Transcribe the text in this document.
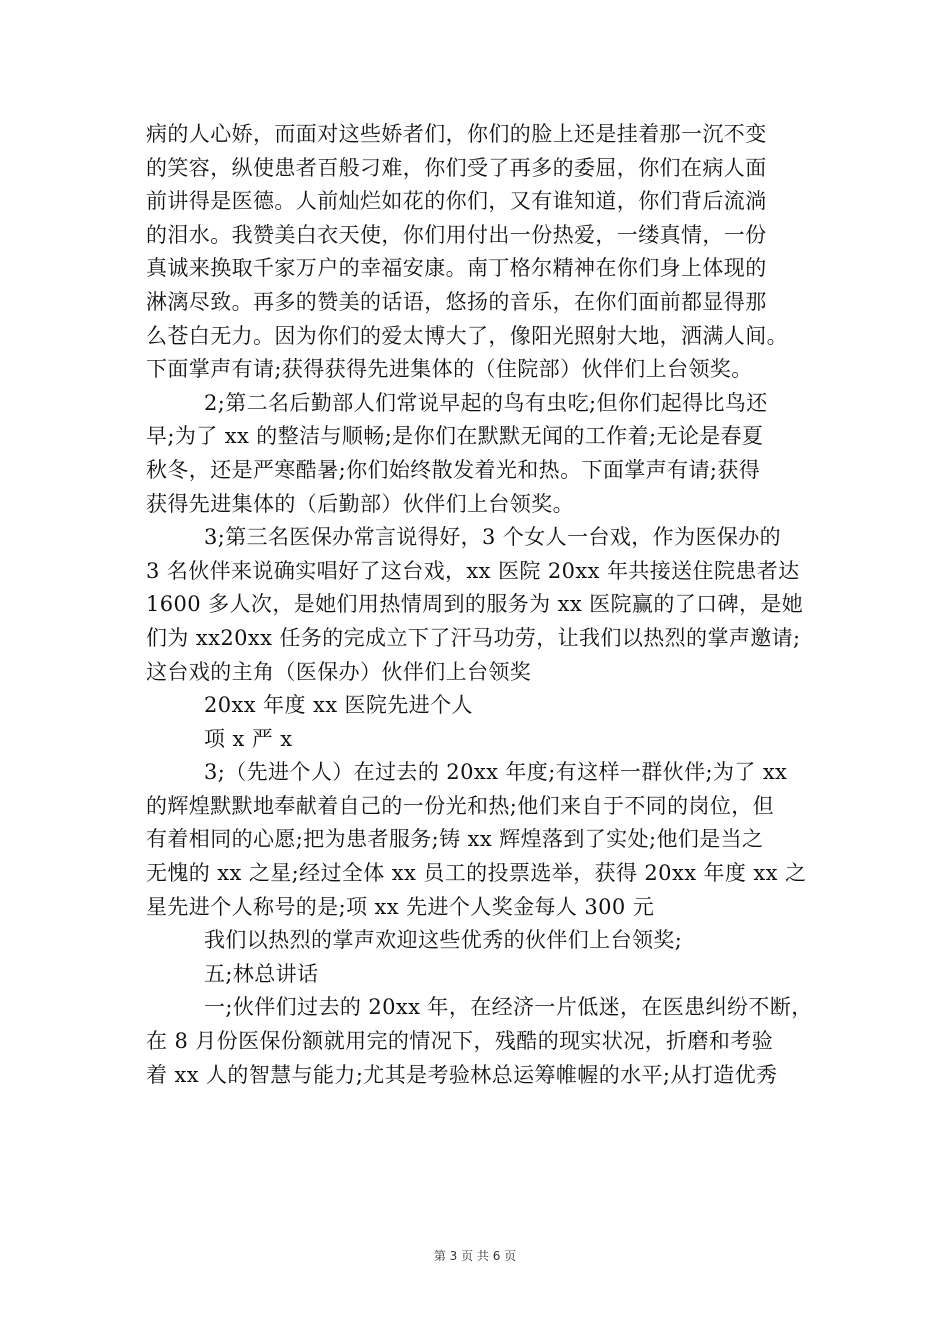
病的人心娇，而面对这些娇者们，你们的脸上还是挂着那一沉不变
的笑容，纵使患者百般刁难，你们受了再多的委屈，你们在病人面
前讲得是医德。人前灿烂如花的你们，又有谁知道，你们背后流淌
的泪水。我赞美白衣天使，你们用付出一份热爱，一缕真情，一份
真诚来换取千家万户的幸福安康。南丁格尔精神在你们身上体现的
淋漓尽致。再多的赞美的话语，悠扬的音乐，在你们面前都显得那
么苍白无力。因为你们的爱太博大了，像阳光照射大地，洒满人间。
下面掌声有请;获得获得先进集体的（住院部）伙伴们上台领奖。
2;第二名后勤部人们常说早起的鸟有虫吃;但你们起得比鸟还
早;为了 xx 的整洁与顺畅;是你们在默默无闻的工作着;无论是春夏
秋冬，还是严寒酷暑;你们始终散发着光和热。下面掌声有请;获得
获得先进集体的（后勤部）伙伴们上台领奖。
3;第三名医保办常言说得好，3 个女人一台戏，作为医保办的
3 名伙伴来说确实唱好了这台戏，xx 医院 20xx 年共接送住院患者达
1600 多人次，是她们用热情周到的服务为 xx 医院赢的了口碑，是她
们为 xx20xx 任务的完成立下了汗马功劳，让我们以热烈的掌声邀请;
这台戏的主角（医保办）伙伴们上台领奖
20xx 年度 xx 医院先进个人
项 x 严 x
3;（先进个人）在过去的 20xx 年度;有这样一群伙伴;为了 xx
的辉煌默默地奉献着自己的一份光和热;他们来自于不同的岗位，但
有着相同的心愿;把为患者服务;铸 xx 辉煌落到了实处;他们是当之
无愧的 xx 之星;经过全体 xx 员工的投票选举，获得 20xx 年度 xx 之
星先进个人称号的是;项 xx 先进个人奖金每人 300 元
我们以热烈的掌声欢迎这些优秀的伙伴们上台领奖;
五;林总讲话
一;伙伴们过去的 20xx 年，在经济一片低迷，在医患纠纷不断，
在 8 月份医保份额就用完的情况下，残酷的现实状况，折磨和考验
着 xx 人的智慧与能力;尤其是考验林总运筹帷幄的水平;从打造优秀
第 3 页 共 6 页
